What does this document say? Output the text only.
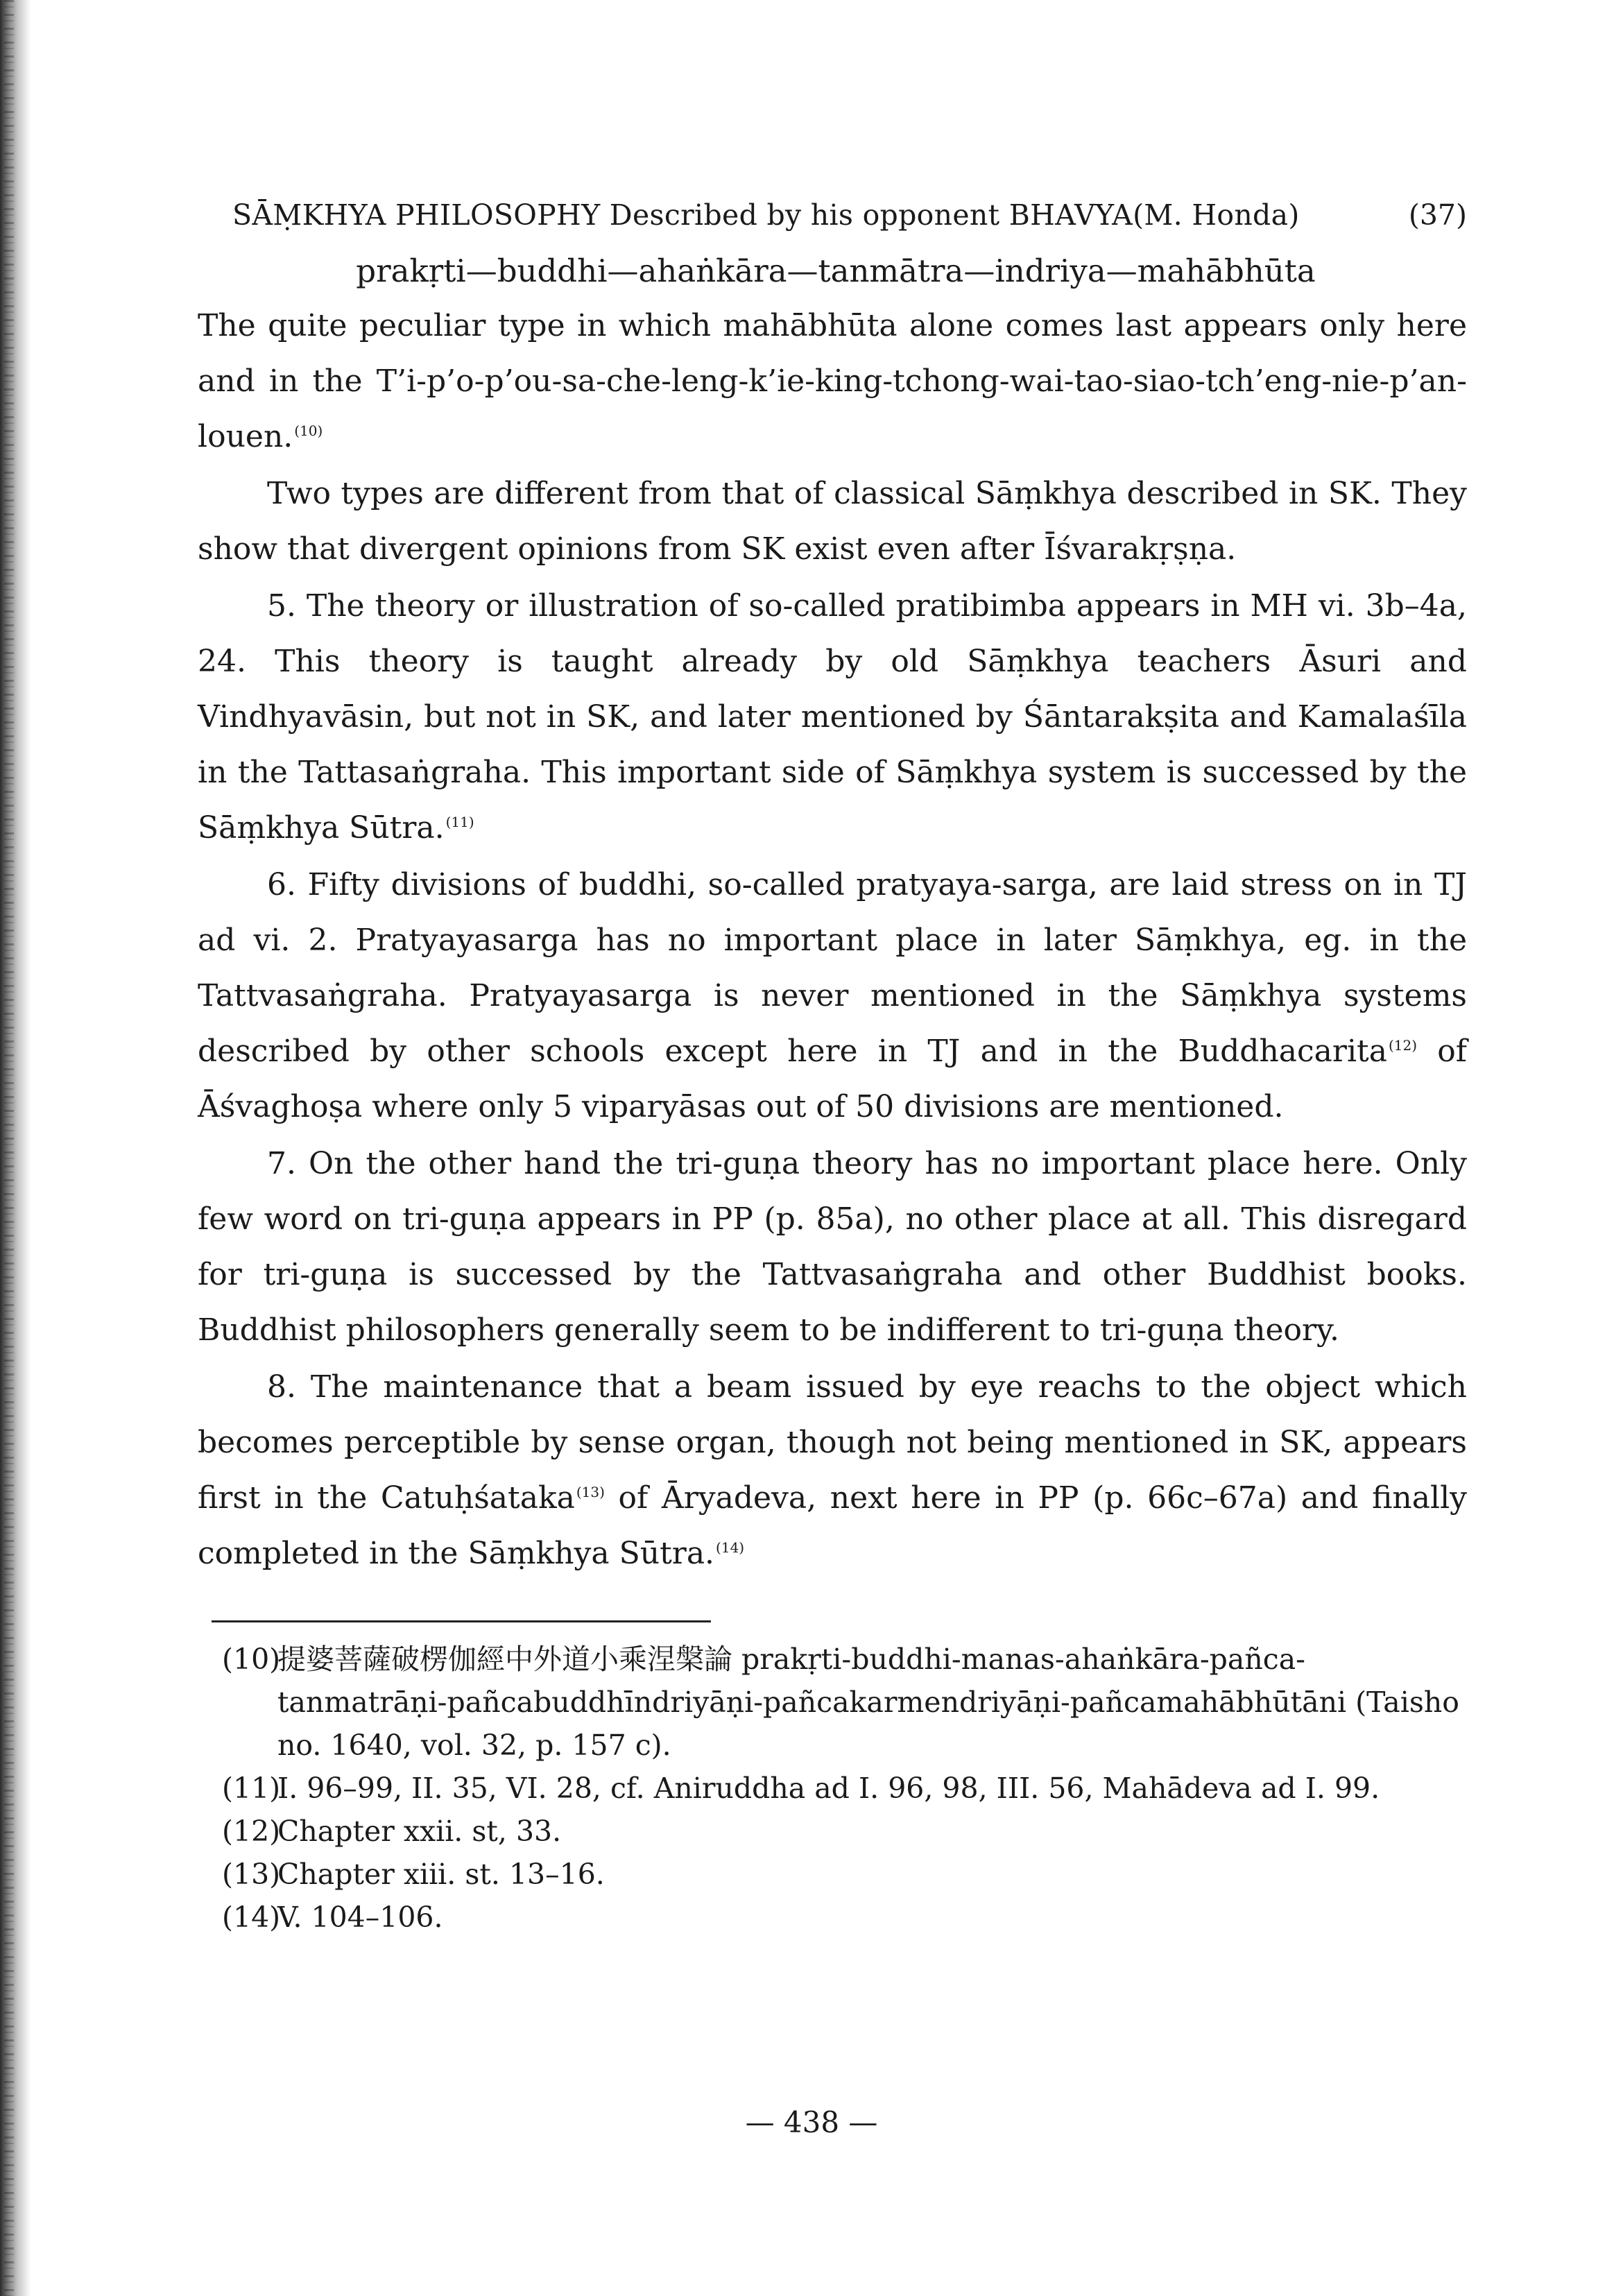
SĀṂKHYA PHILOSOPHY Described by his opponent BHAVYA(M. Honda)	(37)
prakṛti—buddhi—ahaṅkāra—tanmātra—indriya—mahābhūta

The quite peculiar type in which mahābhūta alone comes last appears only here and in the T’i-p’o-p’ou-sa-che-leng-k’ie-king-tchong-wai-tao-siao-tch’eng-nie-p’an-louen. $^{(10)}$

Two types are different from that of classical Sāṃkhya described in SK. They show that divergent opinions from SK exist even after Īśvarakṛṣṇa.

5. The theory or illustration of so-called pratibimba appears in MH vi. 3b–4a, 24. This theory is taught already by old Sāṃkhya teachers Āsuri and Vindhyavāsin, but not in SK, and later mentioned by Śāntarakṣita and Kamalaśīla in the Tattasaṅgraha. This important side of Sāṃkhya system is successed by the Sāṃkhya Sūtra. $^{(11)}$

6. Fifty divisions of buddhi, so-called pratyaya-sarga, are laid stress on in TJ ad vi. 2. Pratyayasarga has no important place in later Sāṃkhya, eg. in the Tattvasaṅgraha. Pratyayasarga is never mentioned in the Sāṃkhya systems described by other schools except here in TJ and in the Buddhacarita $^{(12)}$ of Āśvaghoṣa where only 5 viparyāsas out of 50 divisions are mentioned.

7. On the other hand the tri-guṇa theory has no important place here. Only few word on tri-guṇa appears in PP (p. 85a), no other place at all. This disregard for tri-guṇa is successed by the Tattvasaṅgraha and other Buddhist books. Buddhist philosophers generally seem to be indifferent to tri-guṇa theory.

8. The maintenance that a beam issued by eye reachs to the object which becomes perceptible by sense organ, though not being mentioned in SK, appears first in the Catuḥśataka $^{(13)}$ of Āryadeva, next here in PP (p. 66c–67a) and finally completed in the Sāṃkhya Sūtra. $^{(14)}$

(10)
提婆菩薩破楞伽經中外道小乘涅槃論 prakṛti-buddhi-manas-ahaṅkāra-pañca-tanmatrāṇi-pañcabuddhīndriyāṇi-pañcakarmendriyāṇi-pañcamahābhūtāni (Taisho no. 1640, vol. 32, p. 157 c).
(11)
I. 96–99, II. 35, VI. 28, cf. Aniruddha ad I. 96, 98, III. 56, Mahādeva ad I. 99.
(12)
Chapter xxii. st, 33.
(13)
Chapter xiii. st. 13–16.
(14)
V. 104–106.
— 438 —
